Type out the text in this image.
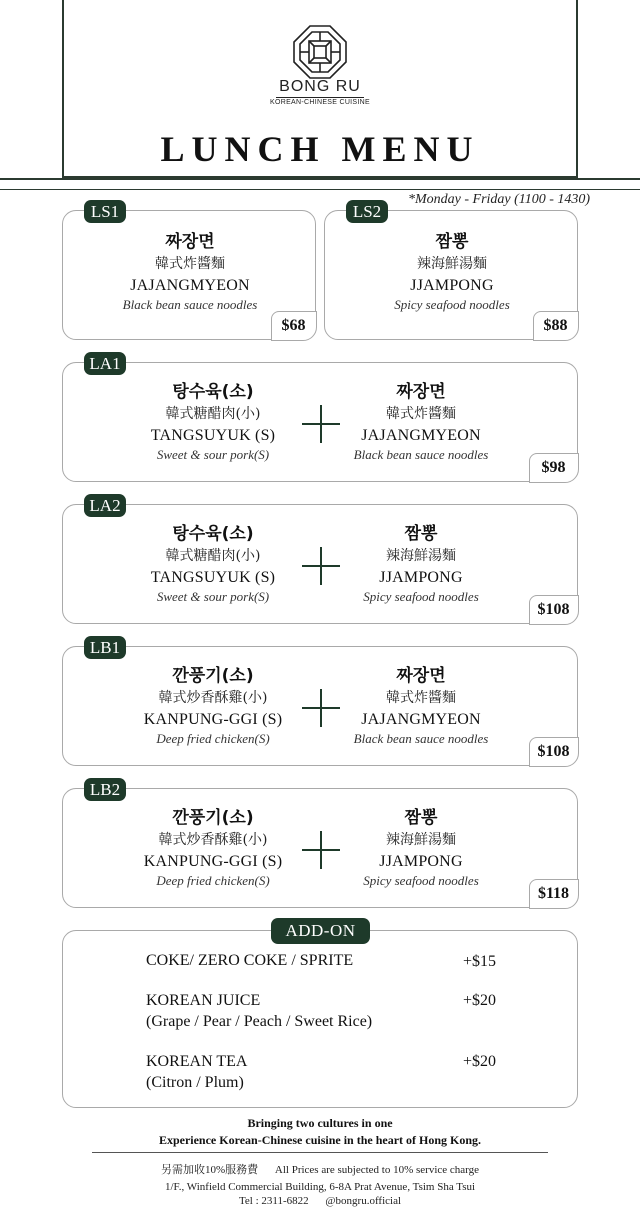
BONG RU
KOREAN-CHINESE CUISINE
LUNCH MENU
*Monday - Friday (1100 - 1430)
짜장면
韓式炸醬麵
JAJANGMYEON
Black bean sauce noodles
$68
LS1
짬뽕
辣海鮮湯麵
JJAMPONG
Spicy seafood noodles
$88
LS2
탕수육(소)
韓式糖醋肉(小)
TANGSUYUK (S)
Sweet & sour pork(S)
짜장면
韓式炸醬麵
JAJANGMYEON
Black bean sauce noodles
$98
LA1
탕수육(소)
韓式糖醋肉(小)
TANGSUYUK (S)
Sweet & sour pork(S)
짬뽕
辣海鮮湯麵
JJAMPONG
Spicy seafood noodles
$108
LA2
깐풍기(소)
韓式炒香酥雞(小)
KANPUNG-GGI (S)
Deep fried chicken(S)
짜장면
韓式炸醬麵
JAJANGMYEON
Black bean sauce noodles
$108
LB1
깐풍기(소)
韓式炒香酥雞(小)
KANPUNG-GGI (S)
Deep fried chicken(S)
짬뽕
辣海鮮湯麵
JJAMPONG
Spicy seafood noodles
$118
LB2
ADD-ON
COKE/ ZERO COKE / SPRITE	+$15
KOREAN JUICE
(Grape / Pear / Peach / Sweet Rice)
+$20
KOREAN TEA
(Citron / Plum)
+$20
Bringing two cultures in one
Experience Korean-Chinese cuisine in the heart of Hong Kong.
另需加收10%服務費 All Prices are subjected to 10% service charge
1/F., Winfield Commercial Building, 6-8A Prat Avenue, Tsim Sha Tsui
Tel : 2311-6822 @bongru.official
